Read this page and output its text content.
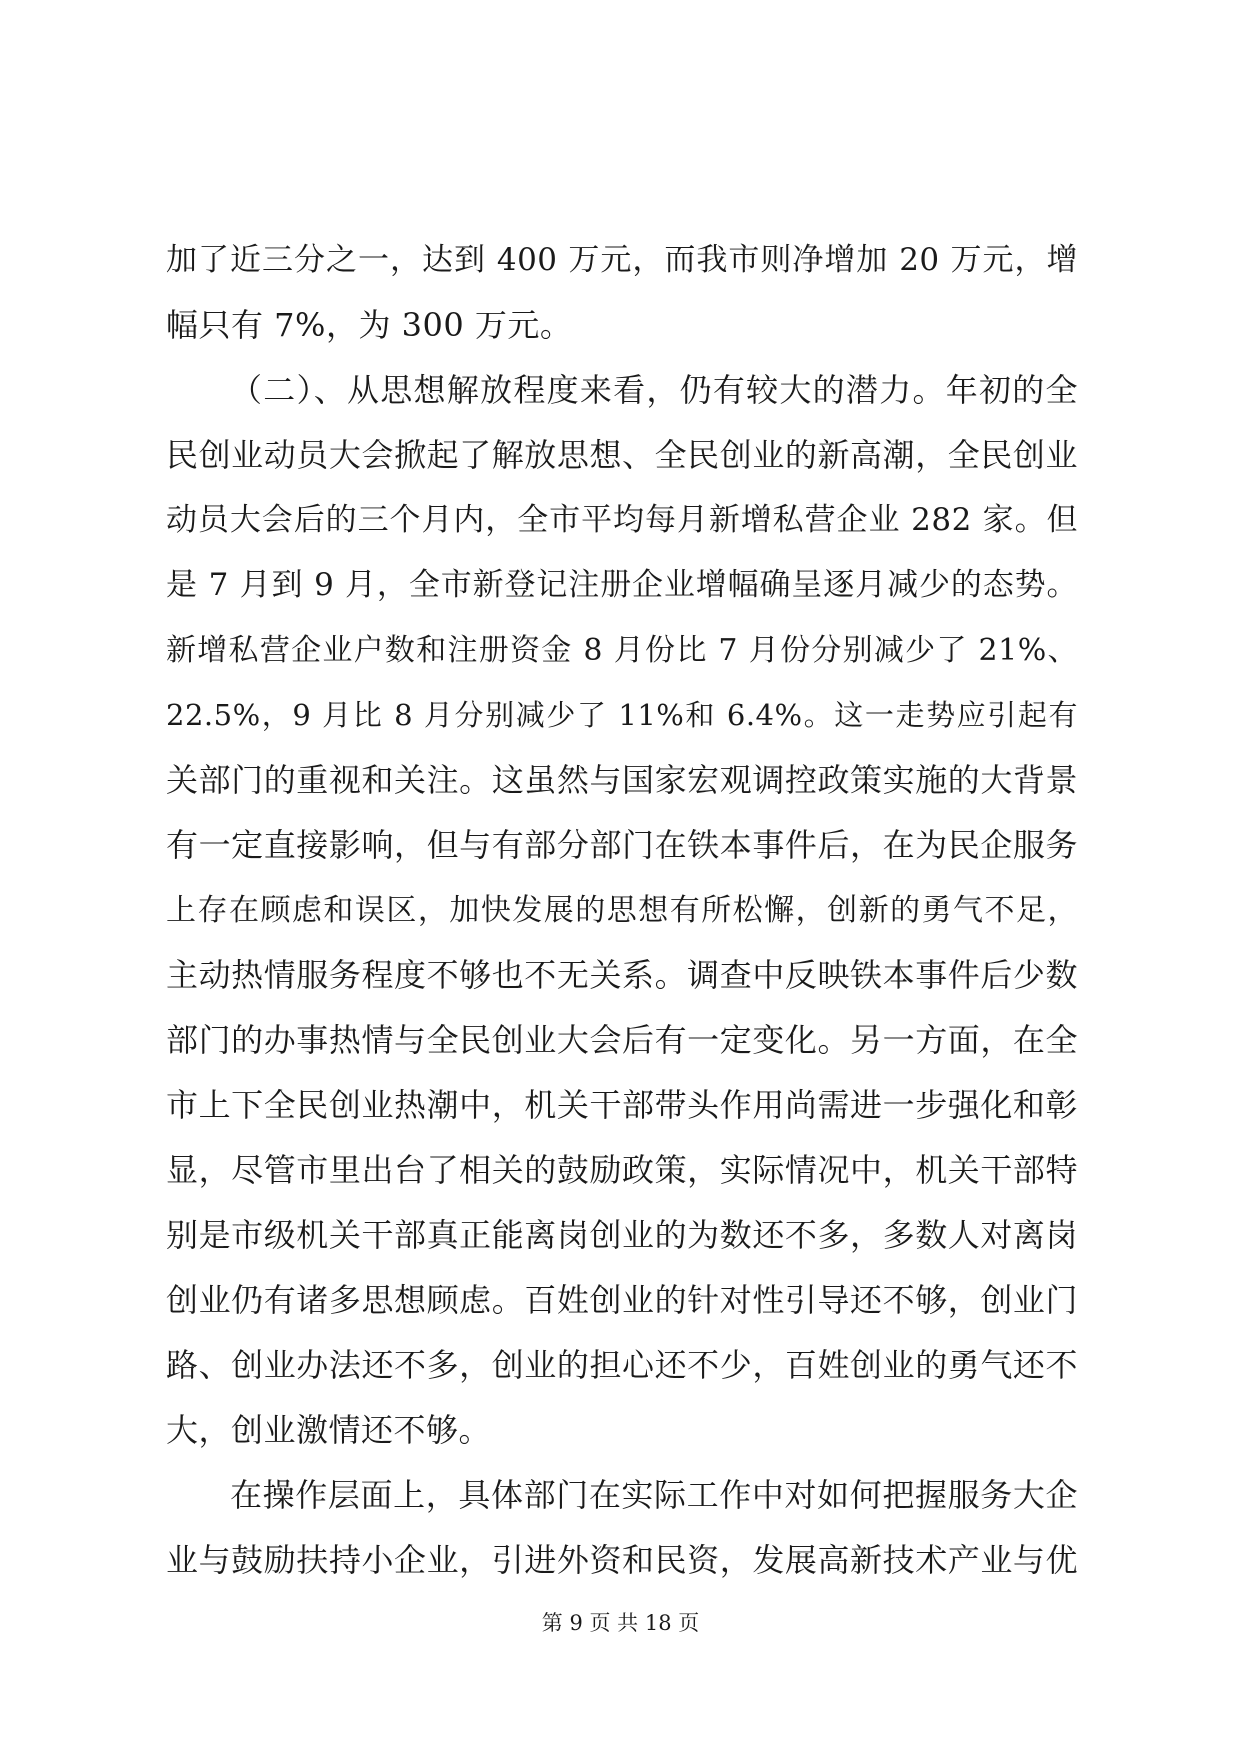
加了近三分之一，达到 400 万元，而我市则净增加 20 万元，增
幅只有 7%，为 300 万元。
（二）、从思想解放程度来看，仍有较大的潜力。年初的全
民创业动员大会掀起了解放思想、全民创业的新高潮，全民创业
动员大会后的三个月内，全市平均每月新增私营企业 282 家。但
是 7 月到 9 月，全市新登记注册企业增幅确呈逐月减少的态势。
新增私营企业户数和注册资金 8 月份比 7 月份分别减少了 21%、
22.5%，9 月比 8 月分别减少了 11%和 6.4%。这一走势应引起有
关部门的重视和关注。这虽然与国家宏观调控政策实施的大背景
有一定直接影响，但与有部分部门在铁本事件后，在为民企服务
上存在顾虑和误区，加快发展的思想有所松懈，创新的勇气不足，
主动热情服务程度不够也不无关系。调查中反映铁本事件后少数
部门的办事热情与全民创业大会后有一定变化。另一方面，在全
市上下全民创业热潮中，机关干部带头作用尚需进一步强化和彰
显，尽管市里出台了相关的鼓励政策，实际情况中，机关干部特
别是市级机关干部真正能离岗创业的为数还不多，多数人对离岗
创业仍有诸多思想顾虑。百姓创业的针对性引导还不够，创业门
路、创业办法还不多，创业的担心还不少，百姓创业的勇气还不
大，创业激情还不够。
在操作层面上，具体部门在实际工作中对如何把握服务大企
业与鼓励扶持小企业，引进外资和民资，发展高新技术产业与优
第 9 页 共 18 页
